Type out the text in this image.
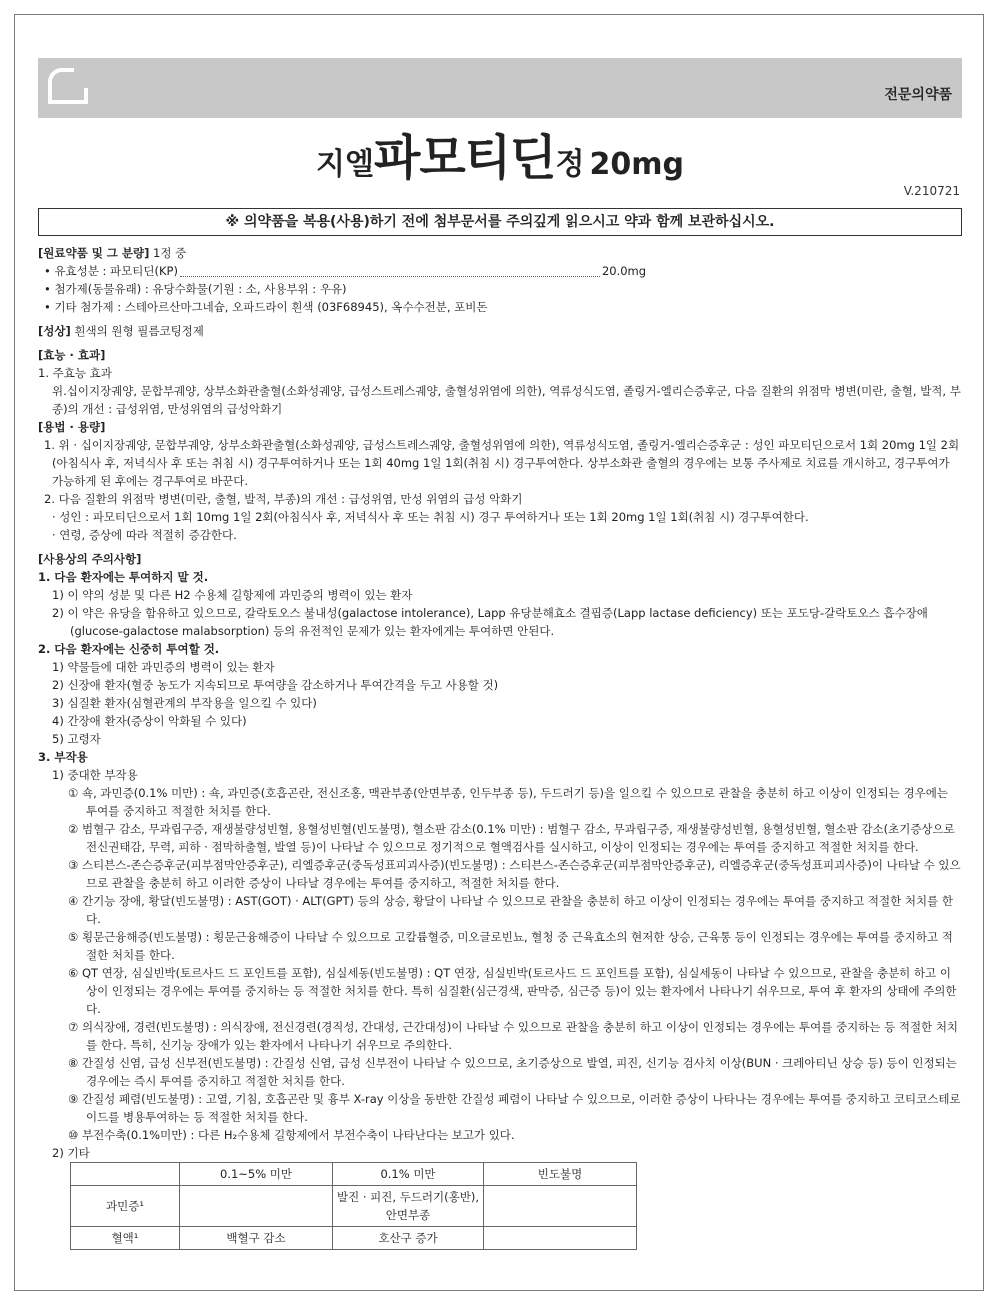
전문의약품
지엘파모티딘정 20mg
V.210721
※ 의약품을 복용(사용)하기 전에 첨부문서를 주의깊게 읽으시고 약과 함께 보관하십시오.

[원료약품 및 그 분량] 1정 중

• 유효성분 : 파모티딘(KP)	20.0mg

• 첨가제(동물유래) : 유당수화물(기원 : 소, 사용부위 : 우유)

• 기타 첨가제 : 스테아르산마그네슘, 오파드라이 흰색 (03F68945), 옥수수전분, 포비돈

[성상] 흰색의 원형 필름코팅정제

[효능 · 효과]

1. 주효능 효과

위.십이지장궤양, 문합부궤양, 상부소화관출혈(소화성궤양, 급성스트레스궤양, 출혈성위염에 의한), 역류성식도염, 졸링거-엘리슨증후군, 다음 질환의 위점막 병변(미란, 출혈, 발적, 부종)의 개선 : 급성위염, 만성위염의 급성악화기

[용법 · 용량]

1. 위 · 십이지장궤양, 문합부궤양, 상부소화관출혈(소화성궤양, 급성스트레스궤양, 출혈성위염에 의한), 역류성식도염, 졸링거-엘리슨증후군 : 성인 파모티딘으로서 1회 20mg 1일 2회(아침식사 후, 저녁식사 후 또는 취침 시) 경구투여하거나 또는 1회 40mg 1일 1회(취침 시) 경구투여한다. 상부소화관 출혈의 경우에는 보통 주사제로 치료를 개시하고, 경구투여가 가능하게 된 후에는 경구투여로 바꾼다.

2. 다음 질환의 위점막 병변(미란, 출혈, 발적, 부종)의 개선 : 급성위염, 만성 위염의 급성 악화기

· 성인 : 파모티딘으로서 1회 10mg 1일 2회(아침식사 후, 저녁식사 후 또는 취침 시) 경구 투여하거나 또는 1회 20mg 1일 1회(취침 시) 경구투여한다.

· 연령, 증상에 따라 적절히 증감한다.

[사용상의 주의사항]

1. 다음 환자에는 투여하지 말 것.

1) 이 약의 성분 및 다른 H2 수용체 길항제에 과민증의 병력이 있는 환자

2) 이 약은 유당을 함유하고 있으므로, 갈락토오스 불내성(galactose intolerance), Lapp 유당분해효소 결핍증(Lapp lactase deficiency) 또는 포도당-갈락토오스 흡수장애(glucose-galactose malabsorption) 등의 유전적인 문제가 있는 환자에게는 투여하면 안된다.

2. 다음 환자에는 신중히 투여할 것.

1) 약물들에 대한 과민증의 병력이 있는 환자

2) 신장애 환자(혈중 농도가 지속되므로 투여량을 감소하거나 투여간격을 두고 사용할 것)

3) 심질환 환자(심혈관계의 부작용을 일으킬 수 있다)

4) 간장애 환자(증상이 악화될 수 있다)

5) 고령자

3. 부작용

1) 중대한 부작용

① 쇽, 과민증(0.1% 미만) : 쇽, 과민증(호흡곤란, 전신조홍, 맥관부종(안면부종, 인두부종 등), 두드러기 등)을 일으킬 수 있으므로 관찰을 충분히 하고 이상이 인정되는 경우에는 투여를 중지하고 적절한 처치를 한다.

② 범혈구 감소, 무과립구증, 재생불량성빈혈, 용혈성빈혈(빈도불명), 혈소판 감소(0.1% 미만) : 범혈구 감소, 무과립구증, 재생불량성빈혈, 용혈성빈혈, 혈소판 감소(초기증상으로 전신권태감, 무력, 피하 · 점막하출혈, 발열 등)이 나타날 수 있으므로 정기적으로 혈액검사를 실시하고, 이상이 인정되는 경우에는 투여를 중지하고 적절한 처치를 한다.

③ 스티븐스-존슨증후군(피부점막안증후군), 리엘증후군(중독성표피괴사증)(빈도불명) : 스티븐스-존슨증후군(피부점막안증후군), 리엘증후군(중독성표피괴사증)이 나타날 수 있으므로 관찰을 충분히 하고 이러한 증상이 나타날 경우에는 투여를 중지하고, 적절한 처치를 한다.

④ 간기능 장애, 황달(빈도불명) : AST(GOT) · ALT(GPT) 등의 상승, 황달이 나타날 수 있으므로 관찰을 충분히 하고 이상이 인정되는 경우에는 투여를 중지하고 적절한 처치를 한다.

⑤ 횡문근융해증(빈도불명) : 횡문근융해증이 나타날 수 있으므로 고칼륨혈증, 미오글로빈뇨, 혈청 중 근육효소의 현저한 상승, 근육통 등이 인정되는 경우에는 투여를 중지하고 적절한 처치를 한다.

⑥ QT 연장, 심실빈박(토르사드 드 포인트를 포함), 심실세동(빈도불명) : QT 연장, 심실빈박(토르사드 드 포인트를 포함), 심실세동이 나타날 수 있으므로, 관찰을 충분히 하고 이상이 인정되는 경우에는 투여를 중지하는 등 적절한 처치를 한다. 특히 심질환(심근경색, 판막증, 심근증 등)이 있는 환자에서 나타나기 쉬우므로, 투여 후 환자의 상태에 주의한다.

⑦ 의식장애, 경련(빈도불명) : 의식장애, 전신경련(경직성, 간대성, 근간대성)이 나타날 수 있으므로 관찰을 충분히 하고 이상이 인정되는 경우에는 투여를 중지하는 등 적절한 처치를 한다. 특히, 신기능 장애가 있는 환자에서 나타나기 쉬우므로 주의한다.

⑧ 간질성 신염, 급성 신부전(빈도불명) : 간질성 신염, 급성 신부전이 나타날 수 있으므로, 초기증상으로 발열, 피진, 신기능 검사치 이상(BUN · 크레아티닌 상승 등) 등이 인정되는 경우에는 즉시 투여를 중지하고 적절한 처치를 한다.

⑨ 간질성 폐렴(빈도불명) : 고열, 기침, 호흡곤란 및 흉부 X-ray 이상을 동반한 간질성 폐렴이 나타날 수 있으므로, 이러한 증상이 나타나는 경우에는 투여를 중지하고 코티코스테로이드를 병용투여하는 등 적절한 처치를 한다.

⑩ 부전수축(0.1%미만) : 다른 H₂수용체 길항제에서 부전수축이 나타난다는 보고가 있다.

2) 기타

	0.1~5% 미만	0.1% 미만	빈도불명
과민증¹		발진 · 피진, 두드러기(홍반), 안면부종	
혈액¹	백혈구 감소	호산구 증가	
